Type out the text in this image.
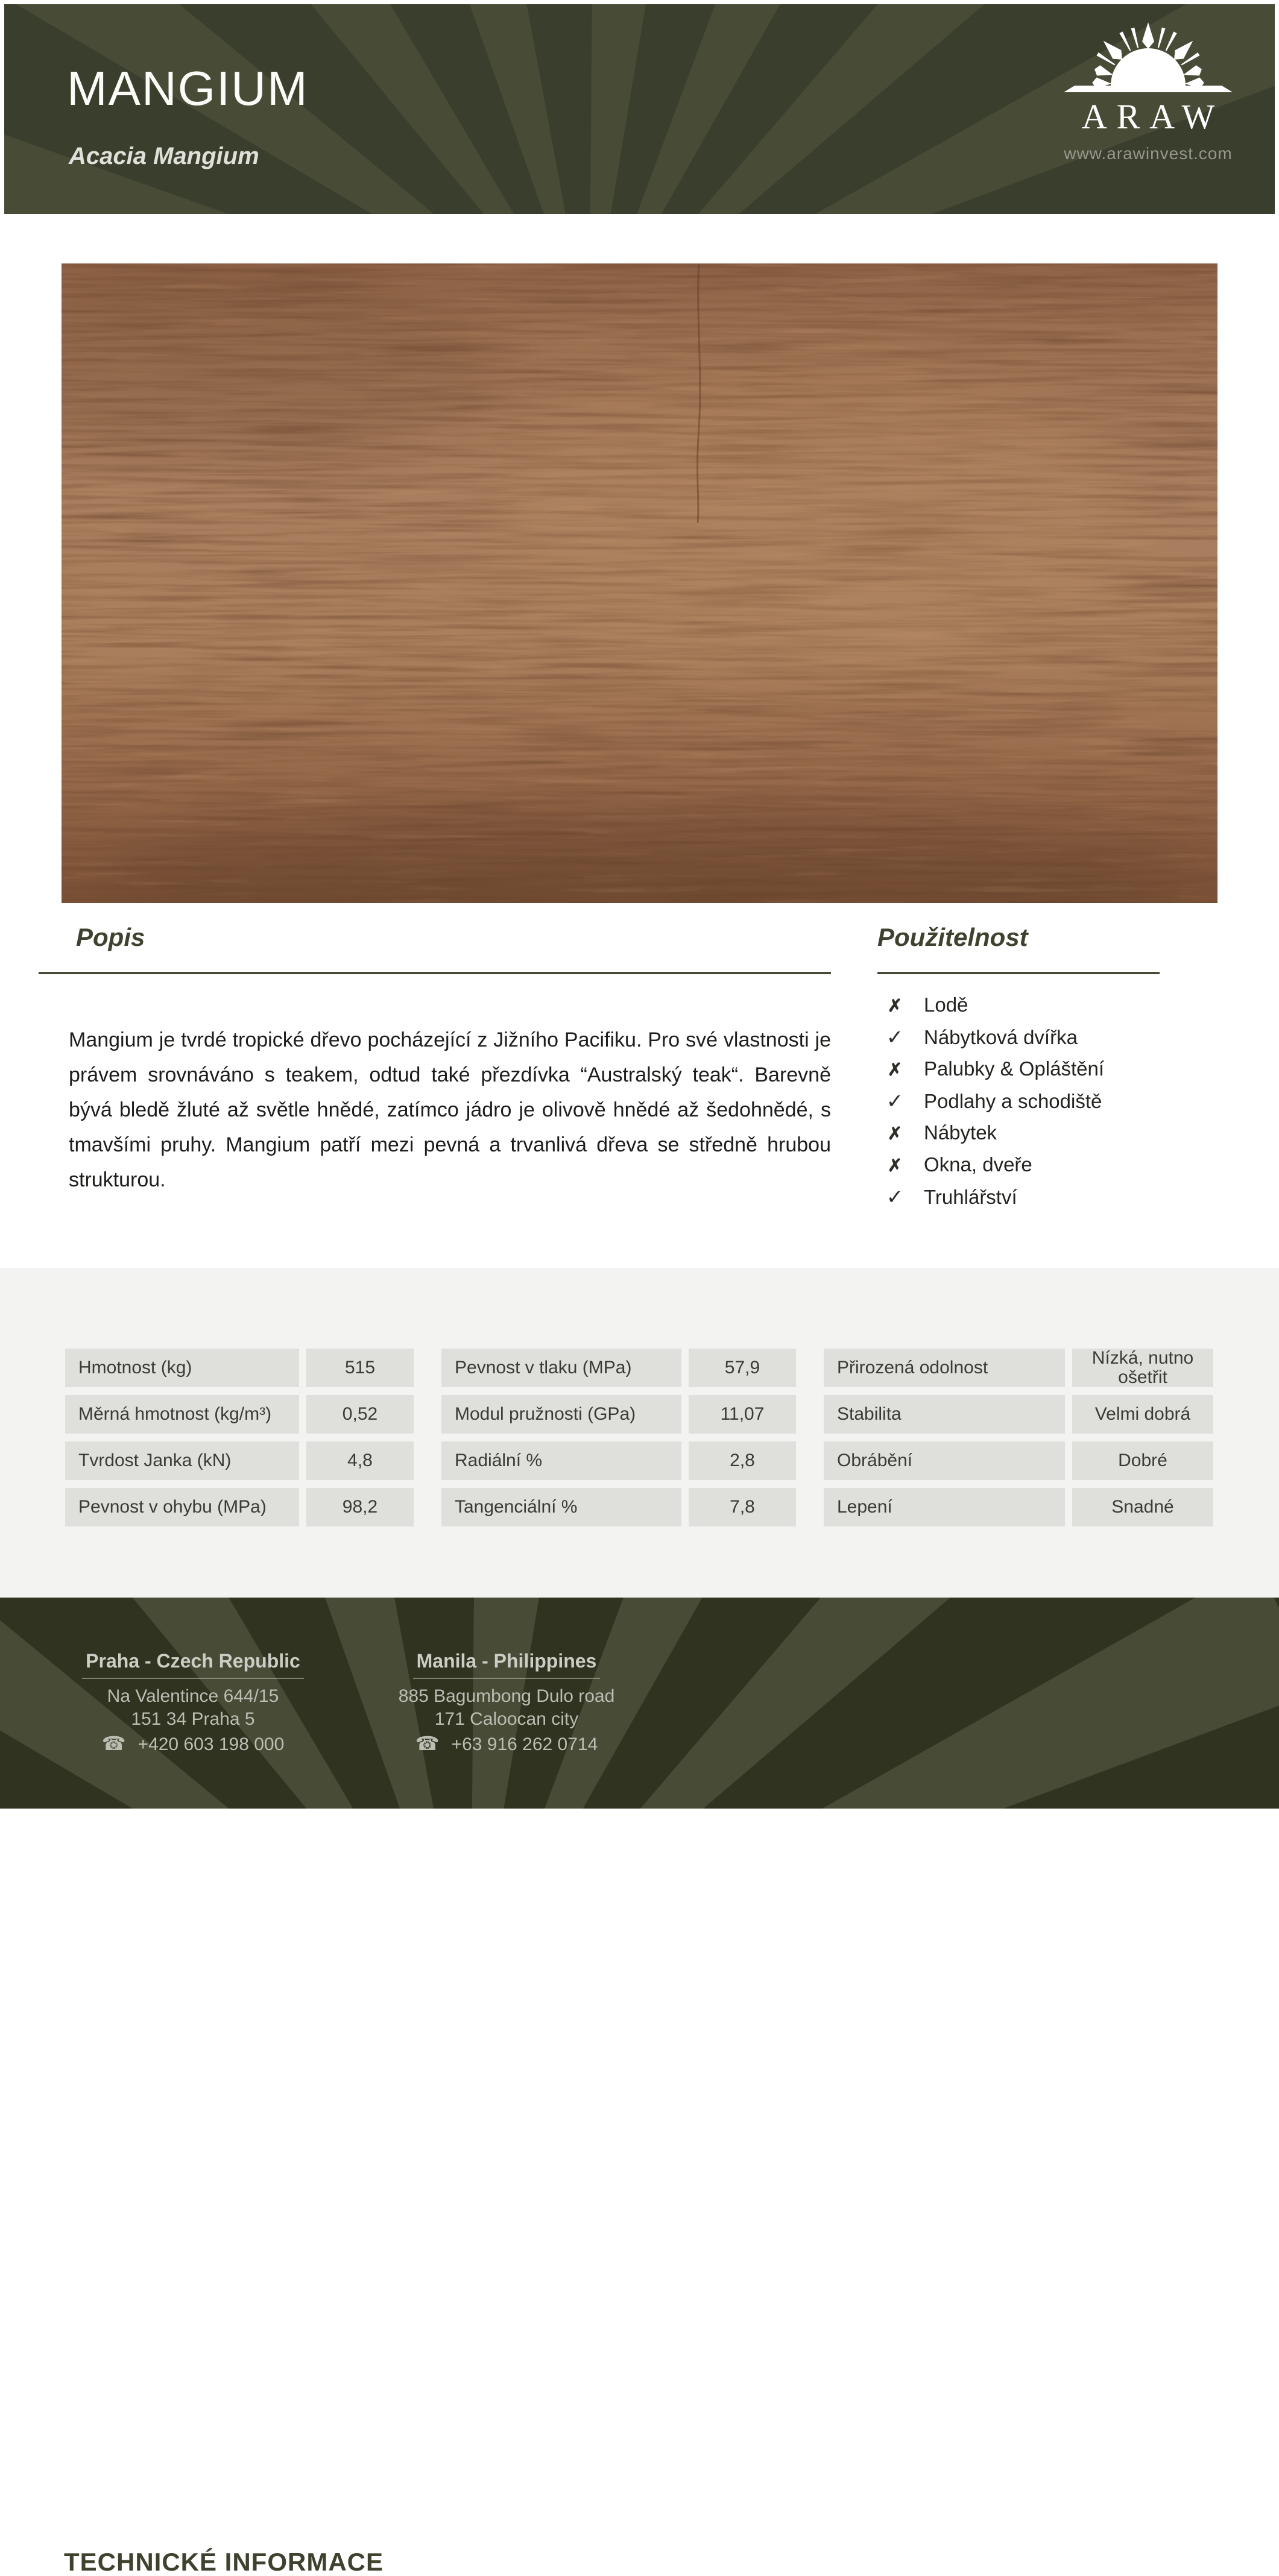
MANGIUM
Acacia Mangium
ARAW
www.arawinvest.com
Popis

Mangium je tvrdé tropické dřevo pocházející z Jižního Pacifiku. Pro své vlastnosti je právem srovnáváno s teakem, odtud také přezdívka “Australský teak“. Barevně bývá bledě žluté až světle hnědé, zatímco jádro je olivově hnědé až šedohnědé, s tmavšími pruhy. Mangium patří mezi pevná a trvanlivá dřeva se středně hrubou strukturou.

Použitelnost
✗ Lodě
✓ Nábytková dvířka
✗ Palubky & Opláštění
✓ Podlahy a schodiště
✗ Nábytek
✗ Okna, dveře
✓ Truhlářství
TECHNICKÉ INFORMACE
Hmotnost (kg)	515	Pevnost v tlaku (MPa)	57,9	Přirozená odolnost	Nízká, nutno ošetřit
Měrná hmotnost (kg/m³)	0,52	Modul pružnosti (GPa)	11,07	Stabilita	Velmi dobrá
Tvrdost Janka (kN)	4,8	Radiální %	2,8	Obrábění	Dobré
Pevnost v ohybu (MPa)	98,2	Tangenciální %	7,8	Lepení	Snadné
Praha - Czech Republic
Na Valentince 644/15
151 34 Praha 5
☎ +420 603 198 000
Manila - Philippines
885 Bagumbong Dulo road
171 Caloocan city
☎ +63 916 262 0714
